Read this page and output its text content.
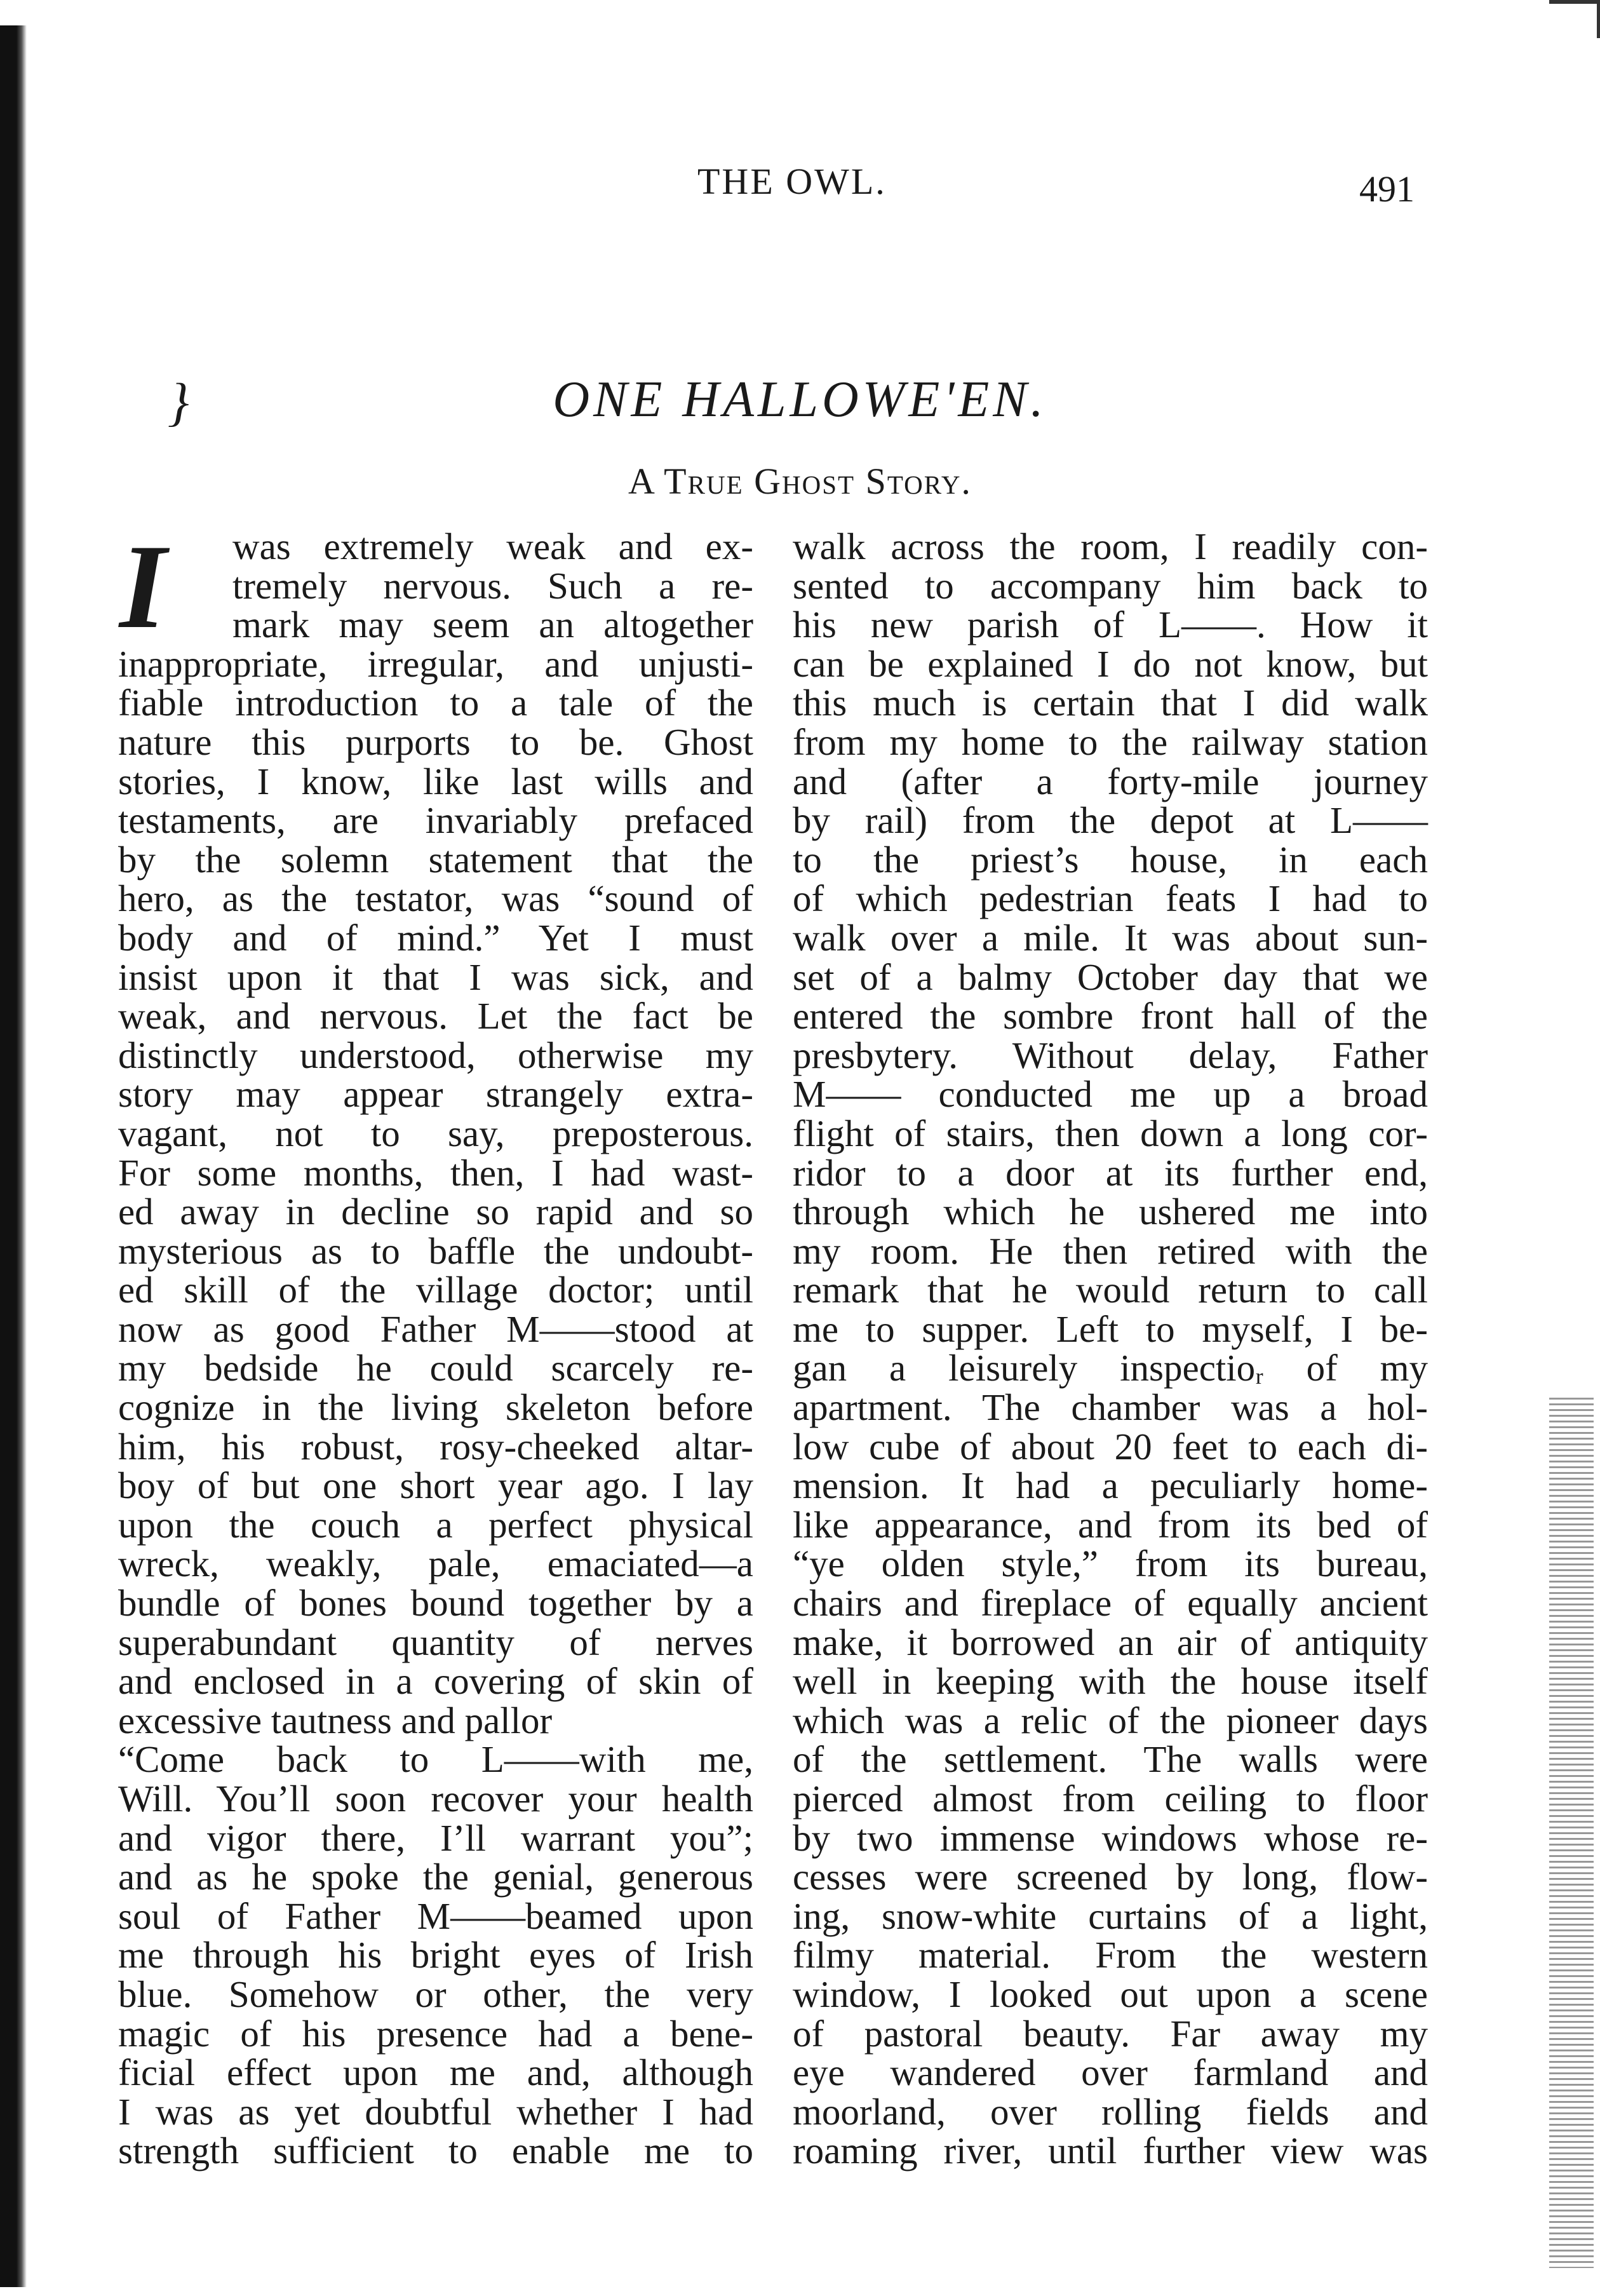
THE OWL.	491
}	ONE HALLOWE'EN.
A True Ghost Story.
I	was extremely weak and ex-
tremely nervous. Such a re-
mark may seem an altogether
inappropriate, irregular, and unjusti-
fiable introduction to a tale of the
nature this purports to be. Ghost
stories, I know, like last wills and
testaments, are invariably prefaced
by the solemn statement that the
hero, as the testator, was “sound of
body and of mind.” Yet I must
insist upon it that I was sick, and
weak, and nervous. Let the fact be
distinctly understood, otherwise my
story may appear strangely extra-
vagant, not to say, preposterous.
For some months, then, I had wast-
ed away in decline so rapid and so
mysterious as to baffle the undoubt-
ed skill of the village doctor; until
now as good Father M——stood at
my bedside he could scarcely re-
cognize in the living skeleton before
him, his robust, rosy-cheeked altar-
boy of but one short year ago. I lay
upon the couch a perfect physical
wreck, weakly, pale, emaciated—a
bundle of bones bound together by a
superabundant quantity of nerves
and enclosed in a covering of skin of
excessive tautness and pallor
“Come back to L——with me,
Will. You’ll soon recover your health
and vigor there, I’ll warrant you”;
and as he spoke the genial, generous
soul of Father M——beamed upon
me through his bright eyes of Irish
blue. Somehow or other, the very
magic of his presence had a bene-
ficial effect upon me and, although
I was as yet doubtful whether I had
strength sufficient to enable me to
walk across the room, I readily con-
sented to accompany him back to
his new parish of L——. How it
can be explained I do not know, but
this much is certain that I did walk
from my home to the railway station
and (after a forty-mile journey
by rail) from the depot at L——
to the priest’s house, in each
of which pedestrian feats I had to
walk over a mile. It was about sun-
set of a balmy October day that we
entered the sombre front hall of the
presbytery. Without delay, Father
M—— conducted me up a broad
flight of stairs, then down a long cor-
ridor to a door at its further end,
through which he ushered me into
my room. He then retired with the
remark that he would return to call
me to supper. Left to myself, I be-
gan a leisurely inspectioᵣ of my
apartment. The chamber was a hol-
low cube of about 20 feet to each di-
mension. It had a peculiarly home-
like appearance, and from its bed of
“ye olden style,” from its bureau,
chairs and fireplace of equally ancient
make, it borrowed an air of antiquity
well in keeping with the house itself
which was a relic of the pioneer days
of the settlement. The walls were
pierced almost from ceiling to floor
by two immense windows whose re-
cesses were screened by long, flow-
ing, snow-white curtains of a light,
filmy material. From the western
window, I looked out upon a scene
of pastoral beauty. Far away my
eye wandered over farmland and
moorland, over rolling fields and
roaming river, until further view was
